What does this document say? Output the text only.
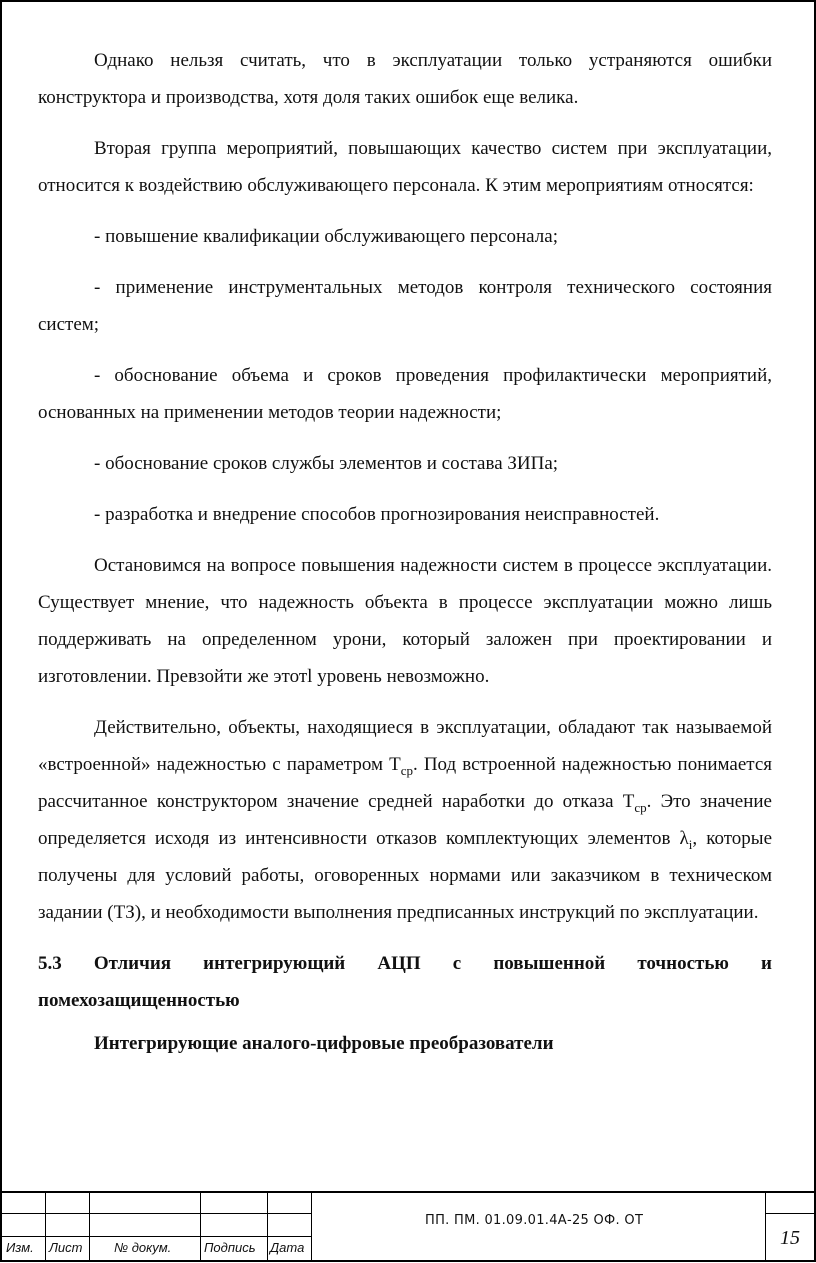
Однако нельзя считать, что в эксплуатации только устраняются ошибки конструктора и производства, хотя доля таких ошибок еще велика.

Вторая группа мероприятий, повышающих качество систем при эксплуатации, относится к воздействию обслуживающего персонала. К этим мероприятиям относятся:

- повышение квалификации обслуживающего персонала;

- применение инструментальных методов контроля технического состояния систем;

- обоснование объема и сроков проведения профилактически мероприятий, основанных на применении методов теории надежности;

- обоснование сроков службы элементов и состава ЗИПа;

- разработка и внедрение способов прогнозирования неисправностей.

Остановимся на вопросе повышения надежности систем в процессе эксплуатации. Существует мнение, что надежность объекта в процессе эксплуатации можно лишь поддерживать на определенном урони, который заложен при проектировании и изготовлении. Превзойти же этотl уровень невозможно.

Действительно, объекты, находящиеся в эксплуатации, обладают так называемой «встроенной» надежностью с параметром $Т_{ср}$. Под встроенной надежностью понимается рассчитанное конструктором значение средней наработки до отказа $Т_{ср}$. Это значение определяется исходя из интенсивности отказов комплектующих элементов $\lambda_i$, которые получены для условий работы, оговоренных нормами или заказчиком в техническом задании (ТЗ), и необходимости выполнения предписанных инструкций по эксплуатации.

5.3 Отличия интегрирующий АЦП с повышенной точностью и помехозащищенностью
Интегрирующие аналого-цифровые преобразователи
Изм. Лист № докум.	Подпись Дата
ПП. ПМ. 01.09.01.4А-25 ОФ. ОТ
15
